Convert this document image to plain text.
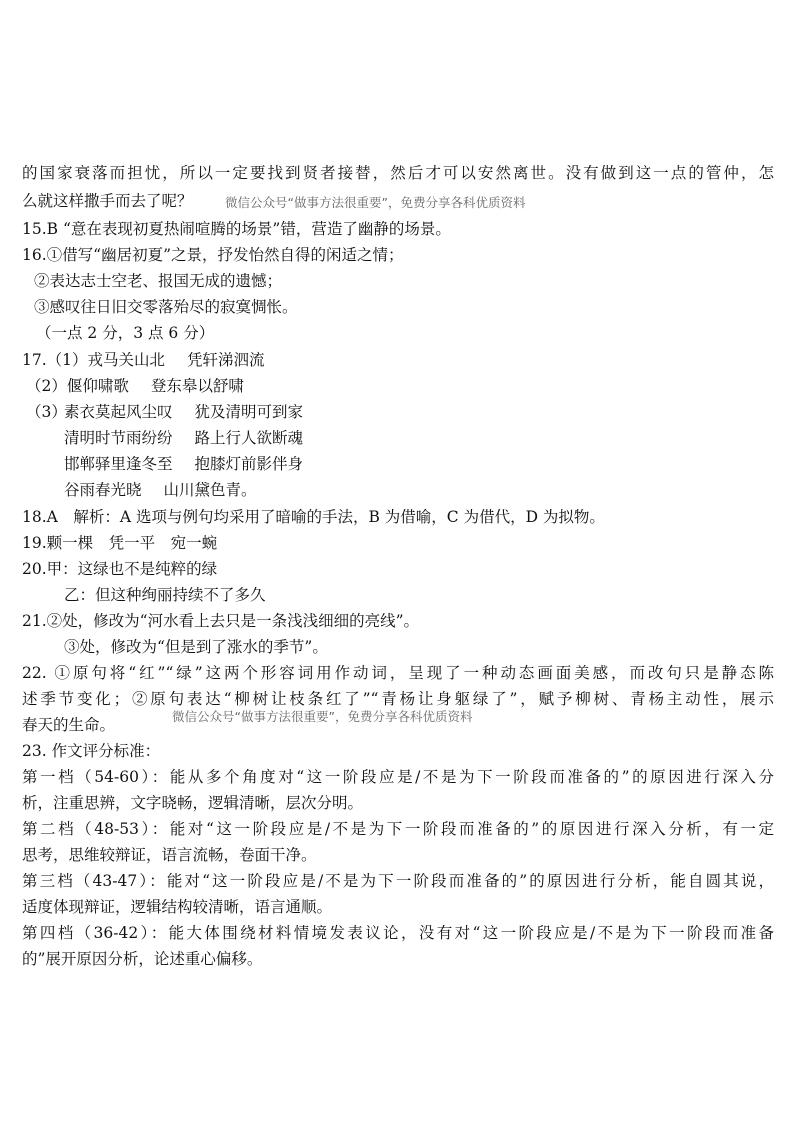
的国家衰落而担忧，所以一定要找到贤者接替，然后才可以安然离世。没有做到这一点的管仲，怎
么就这样撒手而去了呢？	微信公众号“做事方法很重要”，免费分享各科优质资料
15.B “意在表现初夏热闹喧腾的场景”错，营造了幽静的场景。
16.①借写“幽居初夏”之景，抒发怡然自得的闲适之情；
②表达志士空老、报国无成的遗憾；
③感叹往日旧交零落殆尽的寂寞惆怅。
（一点 2 分，3 点 6 分）
17.（1）戎马关山北 凭轩涕泗流
（2）偃仰啸歌 登东皋以舒啸
（3）
素衣莫起风尘叹 犹及清明可到家
清明时节雨纷纷 路上行人欲断魂
邯郸驿里逢冬至 抱膝灯前影伴身
谷雨春光晓 山川黛色青。
18.A　解析：A 选项与例句均采用了暗喻的手法，B 为借喻，C 为借代，D 为拟物。
19.颗一棵　凭一平　宛一蜿
20.甲：这绿也不是纯粹的绿
乙：但这种绚丽持续不了多久
21.②处，修改为“河水看上去只是一条浅浅细细的亮线”。
③处，修改为“但是到了涨水的季节”。
22. ①原句将“红”“绿”这两个形容词用作动词，呈现了一种动态画面美感，而改句只是静态陈
述季节变化；②原句表达“柳树让枝条红了”“青杨让身躯绿了”，赋予柳树、青杨主动性，展示
春天的生命。	微信公众号“做事方法很重要”，免费分享各科优质资料
23. 作文评分标准：
第一档（54-60）：能从多个角度对“这一阶段应是/不是为下一阶段而准备的”的原因进行深入分
析，注重思辨，文字晓畅，逻辑清晰，层次分明。
第二档（48-53）：能对“这一阶段应是/不是为下一阶段而准备的”的原因进行深入分析，有一定
思考，思维较辩证，语言流畅，卷面干净。
第三档（43-47）：能对“这一阶段应是/不是为下一阶段而准备的”的原因进行分析，能自圆其说，
适度体现辩证，逻辑结构较清晰，语言通顺。
第四档（36-42）：能大体围绕材料情境发表议论，没有对“这一阶段应是/不是为下一阶段而准备
的”展开原因分析，论述重心偏移。
